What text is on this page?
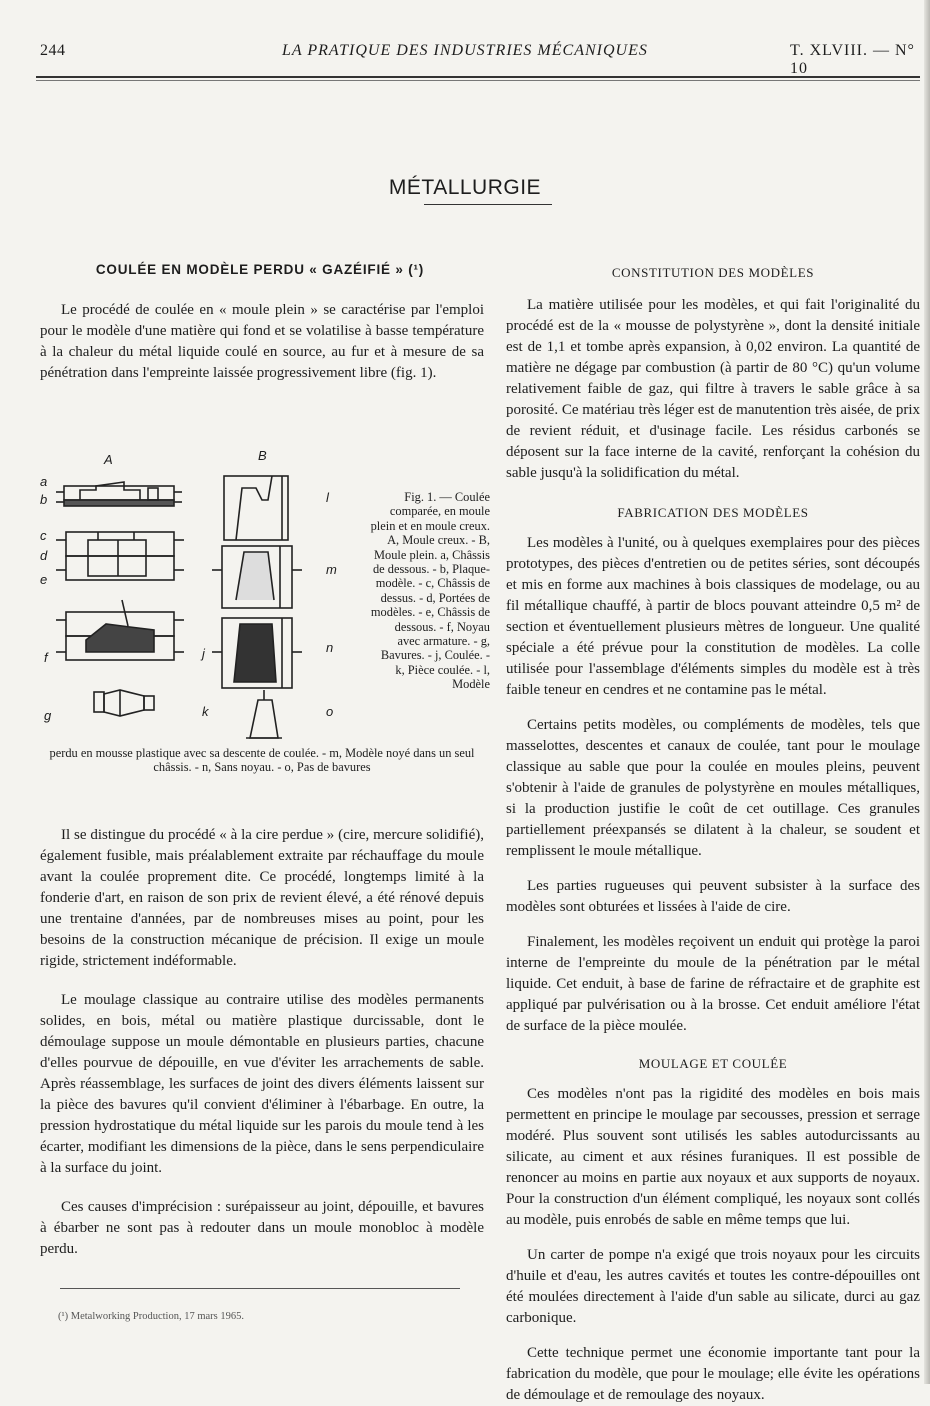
244	LA PRATIQUE DES INDUSTRIES MÉCANIQUES	T. XLVIII. — N° 10
MÉTALLURGIE
COULÉE EN MODÈLE PERDU « GAZÉIFIÉ » (¹)

Le procédé de coulée en « moule plein » se caractérise par l'emploi pour le modèle d'une matière qui fond et se volatilise à basse température à la chaleur du métal liquide coulé en source, au fur et à mesure de sa pénétration dans l'empreinte laissée progressivement libre (fig. 1).

A	B
a
b
c
d
e
f
g
j
k
l
m
n
o
Fig. 1. — Coulée comparée, en moule plein et en moule creux. A, Moule creux. - B, Moule plein. a, Châssis de dessous. - b, Plaque-modèle. - c, Châssis de dessus. - d, Portées de modèles. - e, Châssis de dessous. - f, Noyau avec armature. - g, Bavures. - j, Coulée. - k, Pièce coulée. - l, Modèle
perdu en mousse plastique avec sa descente de coulée. - m, Modèle noyé dans un seul châssis. - n, Sans noyau. - o, Pas de bavures

Il se distingue du procédé « à la cire perdue » (cire, mercure solidifié), également fusible, mais préalablement extraite par réchauffage du moule avant la coulée proprement dite. Ce procédé, longtemps limité à la fonderie d'art, en raison de son prix de revient élevé, a été rénové depuis une trentaine d'années, par de nombreuses mises au point, pour les besoins de la construction mécanique de précision. Il exige un moule rigide, strictement indéformable.

Le moulage classique au contraire utilise des modèles permanents solides, en bois, métal ou matière plastique durcissable, dont le démoulage suppose un moule démontable en plusieurs parties, chacune d'elles pourvue de dépouille, en vue d'éviter les arrachements de sable. Après réassemblage, les surfaces de joint des divers éléments laissent sur la pièce des bavures qu'il convient d'éliminer à l'ébarbage. En outre, la pression hydrostatique du métal liquide sur les parois du moule tend à les écarter, modifiant les dimensions de la pièce, dans le sens perpendiculaire à la surface du joint.

Ces causes d'imprécision : surépaisseur au joint, dépouille, et bavures à ébarber ne sont pas à redouter dans un moule monobloc à modèle perdu.

CONSTITUTION DES MODÈLES

La matière utilisée pour les modèles, et qui fait l'originalité du procédé est de la « mousse de polystyrène », dont la densité initiale est de 1,1 et tombe après expansion, à 0,02 environ. La quantité de matière ne dégage par combustion (à partir de 80 °C) qu'un volume relativement faible de gaz, qui filtre à travers le sable grâce à sa porosité. Ce matériau très léger est de manutention très aisée, de prix de revient réduit, et d'usinage facile. Les résidus carbonés se déposent sur la face interne de la cavité, renforçant la cohésion du sable jusqu'à la solidification du métal.

FABRICATION DES MODÈLES

Les modèles à l'unité, ou à quelques exemplaires pour des pièces prototypes, des pièces d'entretien ou de petites séries, sont découpés et mis en forme aux machines à bois classiques de modelage, ou au fil métallique chauffé, à partir de blocs pouvant atteindre 0,5 m² de section et éventuellement plusieurs mètres de longueur. Une qualité spéciale a été prévue pour la constitution de modèles. La colle utilisée pour l'assemblage d'éléments simples du modèle est à très faible teneur en cendres et ne contamine pas le métal.

Certains petits modèles, ou compléments de modèles, tels que masselottes, descentes et canaux de coulée, tant pour le moulage classique au sable que pour la coulée en moules pleins, peuvent s'obtenir à l'aide de granules de polystyrène en moules métalliques, si la production justifie le coût de cet outillage. Ces granules partiellement préexpansés se dilatent à la chaleur, se soudent et remplissent le moule métallique.

Les parties rugueuses qui peuvent subsister à la surface des modèles sont obturées et lissées à l'aide de cire.

Finalement, les modèles reçoivent un enduit qui protège la paroi interne de l'empreinte du moule de la pénétration par le métal liquide. Cet enduit, à base de farine de réfractaire et de graphite est appliqué par pulvérisation ou à la brosse. Cet enduit améliore l'état de surface de la pièce moulée.

MOULAGE ET COULÉE

Ces modèles n'ont pas la rigidité des modèles en bois mais permettent en principe le moulage par secousses, pression et serrage modéré. Plus souvent sont utilisés les sables autodurcissants au silicate, au ciment et aux résines furaniques. Il est possible de renoncer au moins en partie aux noyaux et aux supports de noyaux. Pour la construction d'un élément compliqué, les noyaux sont collés au modèle, puis enrobés de sable en même temps que lui.

Un carter de pompe n'a exigé que trois noyaux pour les circuits d'huile et d'eau, les autres cavités et toutes les contre-dépouilles ont été moulées directement à l'aide d'un sable au silicate, durci au gaz carbonique.

Cette technique permet une économie importante tant pour la fabrication du modèle, que pour le moulage; elle évite les opérations de démoulage et de remoulage des noyaux.

(¹) Metalworking Production, 17 mars 1965.
